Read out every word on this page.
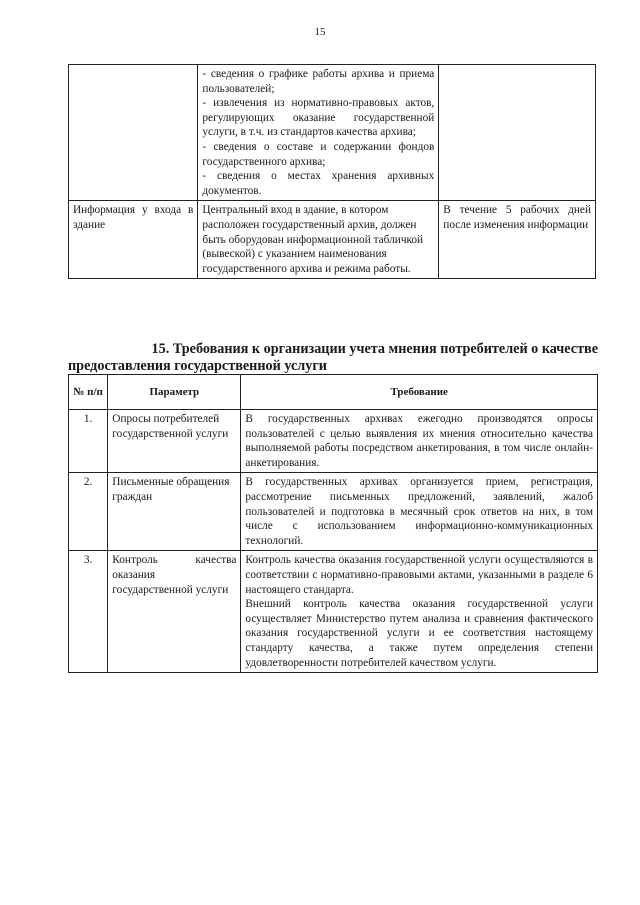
15

	- сведения о графике работы архива и приема пользователей;
- извлечения из нормативно-правовых актов, регулирующих оказание государственной услуги, в т.ч. из стандартов качества архива;
- сведения о составе и содержании фондов государственного архива;
- сведения о местах хранения архивных документов.	

Информация у входа в здание	Центральный вход в здание, в котором расположен государственный архив, должен быть оборудован информационной табличкой (вывеской) с указанием наименования государственного архива и режима работы.	В течение 5 рабочих дней после изменения информации
15. Требования к организации учета мнения потребителей о качестве
предоставления государственной услуги
№ п/п	Параметр	Требование
1.	Опросы потребителей государственной услуги	В государственных архивах ежегодно производятся опросы пользователей с целью выявления их мнения относительно качества выполняемой работы посредством анкетирования, в том числе онлайн-анкетирования.

2.	Письменные обращения граждан	В государственных архивах организуется прием, регистрация, рассмотрение письменных предложений, заявлений, жалоб пользователей и подготовка в месячный срок ответов на них, в том числе с использованием информационно-коммуникационных технологий.

3.	Контроль качества оказания государственной услуги	Контроль качества оказания государственной услуги осуществляются в соответствии с нормативно-правовыми актами, указанными в разделе 6 настоящего стандарта.
Внешний контроль качества оказания государственной услуги осуществляет Министерство путем анализа и сравнения фактического оказания государственной услуги и ее соответствия настоящему стандарту качества, а также путем определения степени удовлетворенности потребителей качеством услуги.
